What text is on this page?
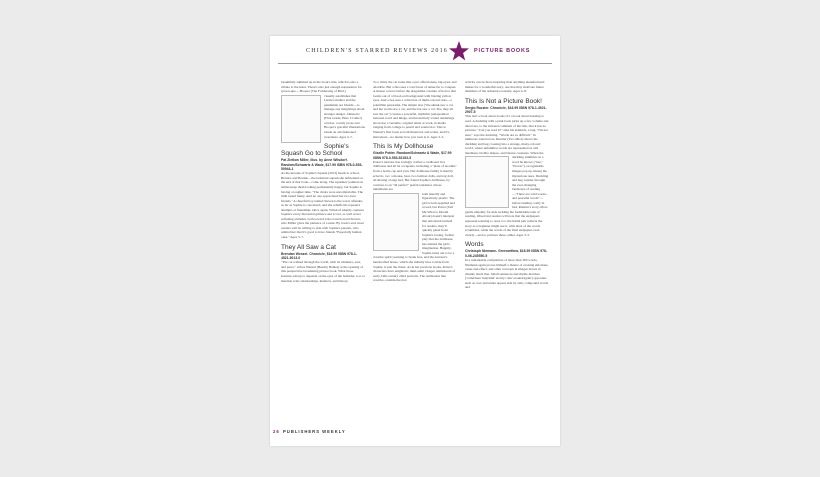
CHILDREN'S STARRED REVIEWS 2016	PICTURE BOOKS

beautifully summed up in the book's title, which is also a tribute to the letter. There's also just enough reassurance for grown-ups.—Hooper (The Fodderstag of Bird.)

visually establishes that Lizzie's mother and the gentleman are friends—to manage any misgivings about stranger danger. Johnson's (First Grade, Here I Come!) concise, courtly prose and Hooper's graceful illustrations exude an old-fashioned sweetness. Ages 4–7.

Sophie's Squash Go to School
Pat Zietlow Miller, illus. by Anne Wilsdorf. Random/Schwartz & Wade, $17.99 ISBN 978-0-553-50944-1

As the heroine of Sophie's Squash (2013) heads to school, Bernice and Bonnie—the butternut squash she befriended at the end of that book—come along. The squashes' painted-on smiles keep them looking permanently happy, but Sophie is having a tougher time. "The chairs were uncomfortable. The milk tasted funny. And no one appreciated her two best friends." A cheerful boy named Steven is the worst offender, as far as Sophie is concerned, and she rebuffs his repeated attempts at friendship. Once again, Wilsdorf adeptly captures Sophie's every mercurial grimace and scowl, as well as her softening attitudes, both toward school and toward Steven, who Miller gives the patience of a saint. By book's end, most readers will be willing to side with Sophie's parents, who remind her that it's good to have friends "Especially human ones." Ages 3–7.

They All Saw a Cat
Brendan Wenzel. Chronicle, $16.99 ISBN 978-1-4521-5013-0

"The cat walked through the world, with its whiskers, ears, and paws," writes Wenzel (Beastly Babies) at the opening of this perspective-broadening picture book. What those features add up to depends on the eyes of the beholder, too: to mention scale relationships, instincts, and history.

To a child, the cat looks like a pet: affectionate, big-eyed, and adorable. But a flea sees a vast forest of dense fur to conquer. A mouse cowers before the dragonlike creature of horror that looms out of a blood-red background with blazing yellow eyes. And a bee sees a collection of multi-colored dots—a pointillist panorama. The simple text ("the skunk saw a cat, and the worm saw a cat, and the bat saw a cat. Yes, they all saw the cat") creates a powerful, rhythmic juxtaposition between word and image, and inventively varied renderings showcase a versatile, original talent at work, in media ranging from collage to pencil and watercolor. This is Wenzel's first book as both illustrator and writer, and it's marvelous—no matter how you look at it. Ages 3–5.

This Is My Dollhouse
Giselle Potter. Random/Schwartz & Wade, $17.99 ISBN 978-0-553-52153-5

Potter's narrator has lovingly crafted a cardboard box dollhouse and all its occupants, including a "plate of noodles" from a bottle cap and yarn. Her dollhouse family is merrily eclectic, too: a mouse, bear, two fashion dolls, and rag doll, all sharing a large bed. Her friend Sophie's dollhouse, by contrast, is an "all perfect" prefab residence whose inhabitants are

both literally and figuratively plastic. The girl is both appalled and cowed, but Potter (Tell Me What to Dream About) doesn't interpret that emotional turmoil for readers, they'll quickly glean from Sophie's boring, formal play that the dollhouse has stunted the girl's imagination. Happily, Sophie turns out to be a creative spirit yearning to break free, and the narrator's handcrafted house, which she initially tries to hide from Sophie, is just the ticket. As in her previous books, Potter's characters have enigmatic, mini-adult visages reminiscent of early-19th-century child portraits. The realization that creative, outside-the-box

activity can be more inspiring than anything manufactured makes for a wonderful story, one that may motivate future members of the artisanal economy. Ages 4–8.

This Is Not a Picture Book!
Sergio Ruzzier. Chronicle, $16.99 ISBN 978-1-4521-2907-5

This isn't a book about books; it's a book about learning to read. A duckling with a pink book picks up a few volume and discovers, to the irritated comment of the title, that it has no pictures. "Can you read it?" asks his sidekick, a bug. "I'm not sure," says the duckling. "Words are so difficult." In luminous watercolors, Ruzzier (Two Mice) shows the duckling and bug crossing into a strange, many-colored world, where unfamiliar words are represented as odd machines, blobby shapes, and bizarre creatures. When the

duckling stumbles on a word he knows ("bee," "flower"), recognizable images pop up among the mysterious ones. Duckling and bug wander through the ever-changing landscape of reading—"There are wild words... and peaceful words"—before landing cozily in bed. Ruzzier's story offers gentle empathy for kids tackling the formidable task of reading. Observant readers will note that the endpapers represent learning to read, too; the initial pair reflects the story as a beginner might see it, with most of the words scrambled, while the words of the final endpapers read clearly—and so pictures there, either. Ages 3–5.

Words
Christoph Niemann. Greenwillow, $18.99 ISBN 978-0-06-245550-5

In a remarkable compilation of more than 300 words, Niemann again proves himself a master of evoking emotions, cause and effect, and other concepts in images drawn in chunky black line. Small sentences and rhyme matches ('come/here' help/hint' slowly/ rain' around/again') opposites such as over and under appear side by side; compound words and

26 PUBLISHERS WEEKLY
